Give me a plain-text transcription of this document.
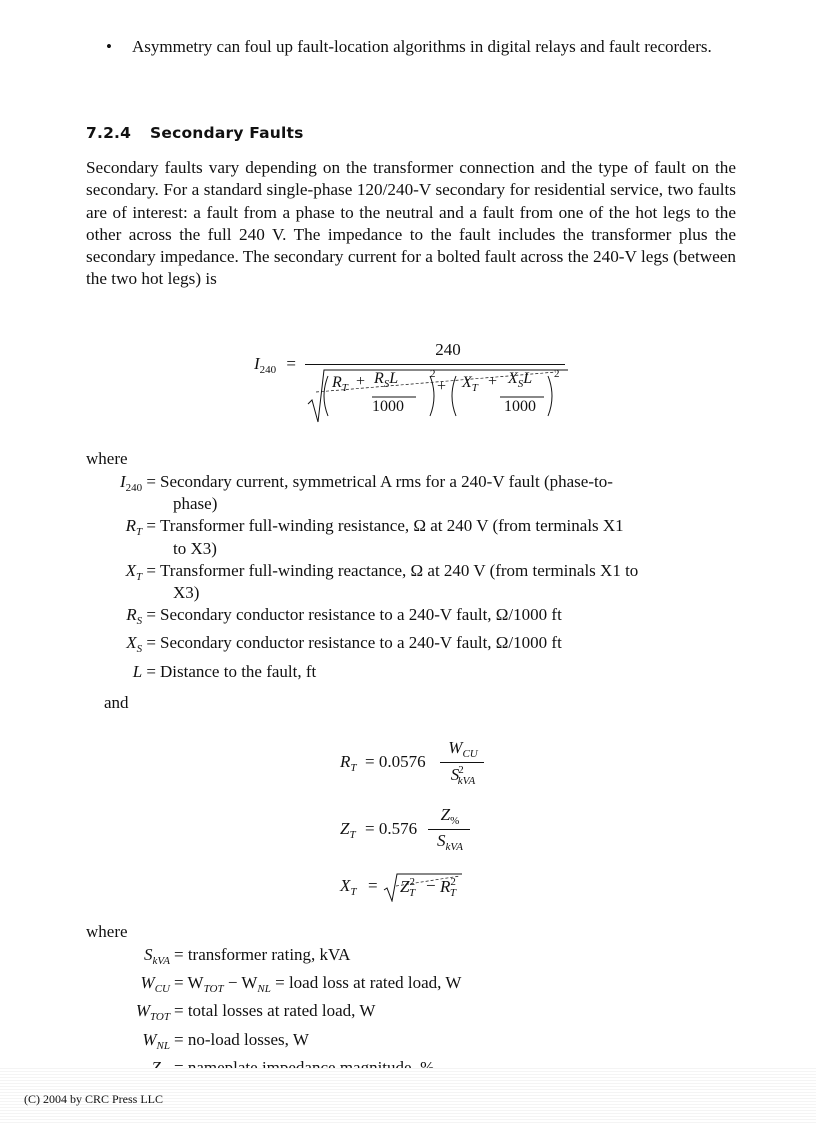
• Asymmetry can foul up fault-location algorithms in digital relays and fault recorders.
7.2.4 Secondary Faults
Secondary faults vary depending on the transformer connection and the type of fault on the secondary. For a standard single-phase 120/240-V secondary for residential service, two faults are of interest: a fault from a phase to the neutral and a fault from one of the hot legs to the other across the full 240 V. The impedance to the fault includes the transformer plus the secondary impedance. The secondary current for a bolted fault across the 240-V legs (between the two hot legs) is
$I_{240}$ =
240
$R_T + R_SL$
1000
2
+ $X_T + X_SL$
1000
2
where
$I_{240}$ = Secondary current, symmetrical A rms for a 240-V fault (phase-to-
phase)
$R_T$ = Transformer full-winding resistance, Ω at 240 V (from terminals X1
to X3)
$X_T$ = Transformer full-winding reactance, Ω at 240 V (from terminals X1 to
X3)
$R_S$ = Secondary conductor resistance to a 240-V fault, Ω/1000 ft
$X_S$ = Secondary conductor resistance to a 240-V fault, Ω/1000 ft
L = Distance to the fault, ft
and
$R_T = 0.0576$
$W_{CU}$
$S^2_{kVA}$
$Z_T = 0.576$
$Z_{\%}$
$S_{kVA}$
$X_T = Z^2_T - R^2_T$
where
$S_{kVA}$ = transformer rating, kVA
$W_{CU} = W_{TOT} - W_{NL}$ = load loss at rated load, W
$W_{TOT}$ = total losses at rated load, W
$W_{NL}$ = no-load losses, W
(C) 2004 by CRC Press LLC
